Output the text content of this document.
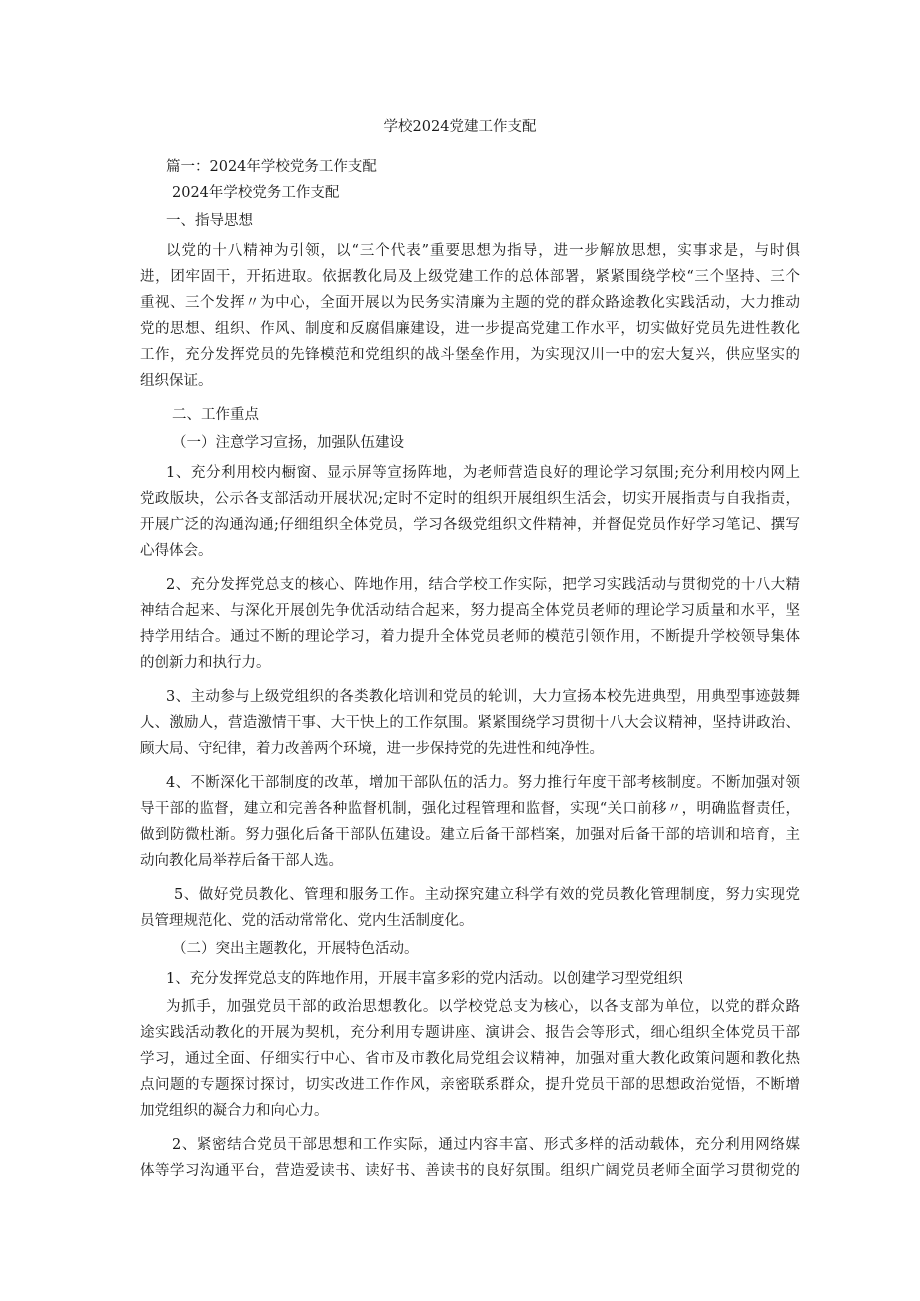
学校2024党建工作支配
篇一：2024年学校党务工作支配
2024年学校党务工作支配
一、指导思想
以党的十八精神为引领，以“三个代表”重要思想为指导，进一步解放思想，实事求是，与时俱
进，团牢固干，开拓进取。依据教化局及上级党建工作的总体部署，紧紧围绕学校“三个坚持、三个
重视、三个发挥〃为中心，全面开展以为民务实清廉为主题的党的群众路途教化实践活动，大力推动
党的思想、组织、作风、制度和反腐倡廉建设，进一步提高党建工作水平，切实做好党员先进性教化
工作，充分发挥党员的先锋模范和党组织的战斗堡垒作用，为实现汉川一中的宏大复兴，供应坚实的
组织保证。
二、工作重点
（一）注意学习宣扬，加强队伍建设
1、充分利用校内橱窗、显示屏等宣扬阵地，为老师营造良好的理论学习氛围;充分利用校内网上
党政版块，公示各支部活动开展状况;定时不定时的组织开展组织生活会，切实开展指责与自我指责，
开展广泛的沟通沟通;仔细组织全体党员，学习各级党组织文件精神，并督促党员作好学习笔记、撰写
心得体会。
2、充分发挥党总支的核心、阵地作用，结合学校工作实际，把学习实践活动与贯彻党的十八大精
神结合起来、与深化开展创先争优活动结合起来，努力提高全体党员老师的理论学习质量和水平，坚
持学用结合。通过不断的理论学习，着力提升全体党员老师的模范引领作用，不断提升学校领导集体
的创新力和执行力。
3、主动参与上级党组织的各类教化培训和党员的轮训，大力宣扬本校先进典型，用典型事迹鼓舞
人、激励人，营造激情干事、大干快上的工作氛围。紧紧围绕学习贯彻十八大会议精神，坚持讲政治、
顾大局、守纪律，着力改善两个环境，进一步保持党的先进性和纯净性。
4、不断深化干部制度的改革，增加干部队伍的活力。努力推行年度干部考核制度。不断加强对领
导干部的监督，建立和完善各种监督机制，强化过程管理和监督，实现“关口前移〃，明确监督责任，
做到防微杜渐。努力强化后备干部队伍建设。建立后备干部档案，加强对后备干部的培训和培育，主
动向教化局举荐后备干部人选。
5、做好党员教化、管理和服务工作。主动探究建立科学有效的党员教化管理制度，努力实现党
员管理规范化、党的活动常常化、党内生活制度化。
（二）突出主题教化，开展特色活动。
1、充分发挥党总支的阵地作用，开展丰富多彩的党内活动。以创建学习型党组织
为抓手，加强党员干部的政治思想教化。以学校党总支为核心，以各支部为单位，以党的群众路
途实践活动教化的开展为契机，充分利用专题讲座、演讲会、报告会等形式，细心组织全体党员干部
学习，通过全面、仔细实行中心、省市及市教化局党组会议精神，加强对重大教化政策问题和教化热
点问题的专题探讨探讨，切实改进工作作风，亲密联系群众，提升党员干部的思想政治觉悟，不断增
加党组织的凝合力和向心力。
2、紧密结合党员干部思想和工作实际，通过内容丰富、形式多样的活动载体，充分利用网络媒
体等学习沟通平台，营造爱读书、读好书、善读书的良好氛围。组织广阔党员老师全面学习贯彻党的
